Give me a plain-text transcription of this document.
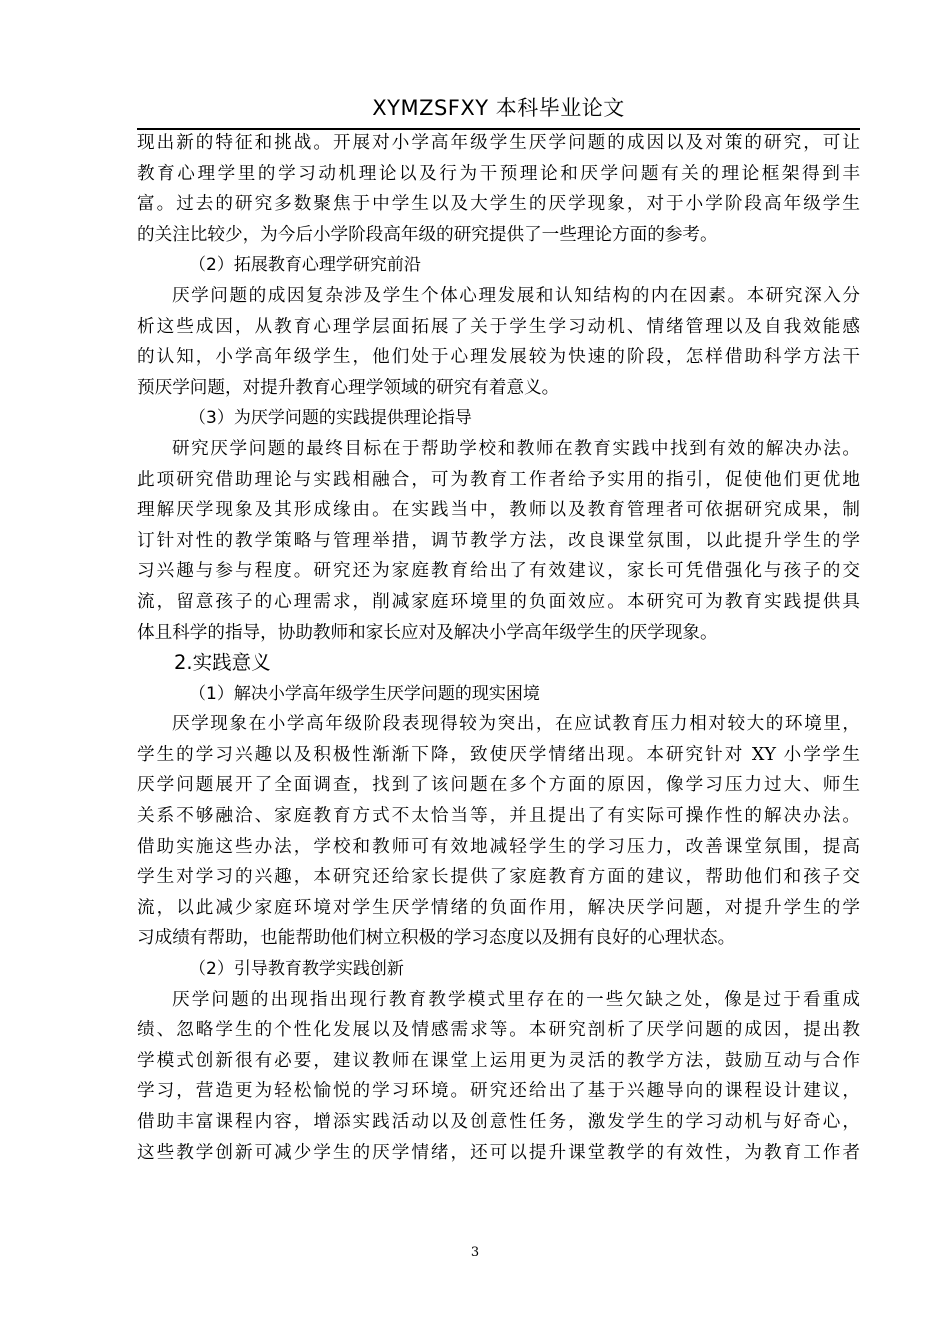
XYMZSFXY 本科毕业论文
现出新的特征和挑战。开展对小学高年级学生厌学问题的成因以及对策的研究，可让
教育心理学里的学习动机理论以及行为干预理论和厌学问题有关的理论框架得到丰
富。过去的研究多数聚焦于中学生以及大学生的厌学现象，对于小学阶段高年级学生
的关注比较少，为今后小学阶段高年级的研究提供了一些理论方面的参考。
（2）拓展教育心理学研究前沿
厌学问题的成因复杂涉及学生个体心理发展和认知结构的内在因素。本研究深入分
析这些成因，从教育心理学层面拓展了关于学生学习动机、情绪管理以及自我效能感
的认知，小学高年级学生，他们处于心理发展较为快速的阶段，怎样借助科学方法干
预厌学问题，对提升教育心理学领域的研究有着意义。
（3）为厌学问题的实践提供理论指导
研究厌学问题的最终目标在于帮助学校和教师在教育实践中找到有效的解决办法。
此项研究借助理论与实践相融合，可为教育工作者给予实用的指引，促使他们更优地
理解厌学现象及其形成缘由。在实践当中，教师以及教育管理者可依据研究成果，制
订针对性的教学策略与管理举措，调节教学方法，改良课堂氛围，以此提升学生的学
习兴趣与参与程度。研究还为家庭教育给出了有效建议，家长可凭借强化与孩子的交
流，留意孩子的心理需求，削减家庭环境里的负面效应。本研究可为教育实践提供具
体且科学的指导，协助教师和家长应对及解决小学高年级学生的厌学现象。
2.实践意义
（1）解决小学高年级学生厌学问题的现实困境
厌学现象在小学高年级阶段表现得较为突出，在应试教育压力相对较大的环境里，
学生的学习兴趣以及积极性渐渐下降，致使厌学情绪出现。本研究针对 XY 小学学生
厌学问题展开了全面调查，找到了该问题在多个方面的原因，像学习压力过大、师生
关系不够融洽、家庭教育方式不太恰当等，并且提出了有实际可操作性的解决办法。
借助实施这些办法，学校和教师可有效地减轻学生的学习压力，改善课堂氛围，提高
学生对学习的兴趣，本研究还给家长提供了家庭教育方面的建议，帮助他们和孩子交
流，以此减少家庭环境对学生厌学情绪的负面作用，解决厌学问题，对提升学生的学
习成绩有帮助，也能帮助他们树立积极的学习态度以及拥有良好的心理状态。
（2）引导教育教学实践创新
厌学问题的出现指出现行教育教学模式里存在的一些欠缺之处，像是过于看重成
绩、忽略学生的个性化发展以及情感需求等。本研究剖析了厌学问题的成因，提出教
学模式创新很有必要，建议教师在课堂上运用更为灵活的教学方法，鼓励互动与合作
学习，营造更为轻松愉悦的学习环境。研究还给出了基于兴趣导向的课程设计建议，
借助丰富课程内容，增添实践活动以及创意性任务，激发学生的学习动机与好奇心，
这些教学创新可减少学生的厌学情绪，还可以提升课堂教学的有效性，为教育工作者
3
